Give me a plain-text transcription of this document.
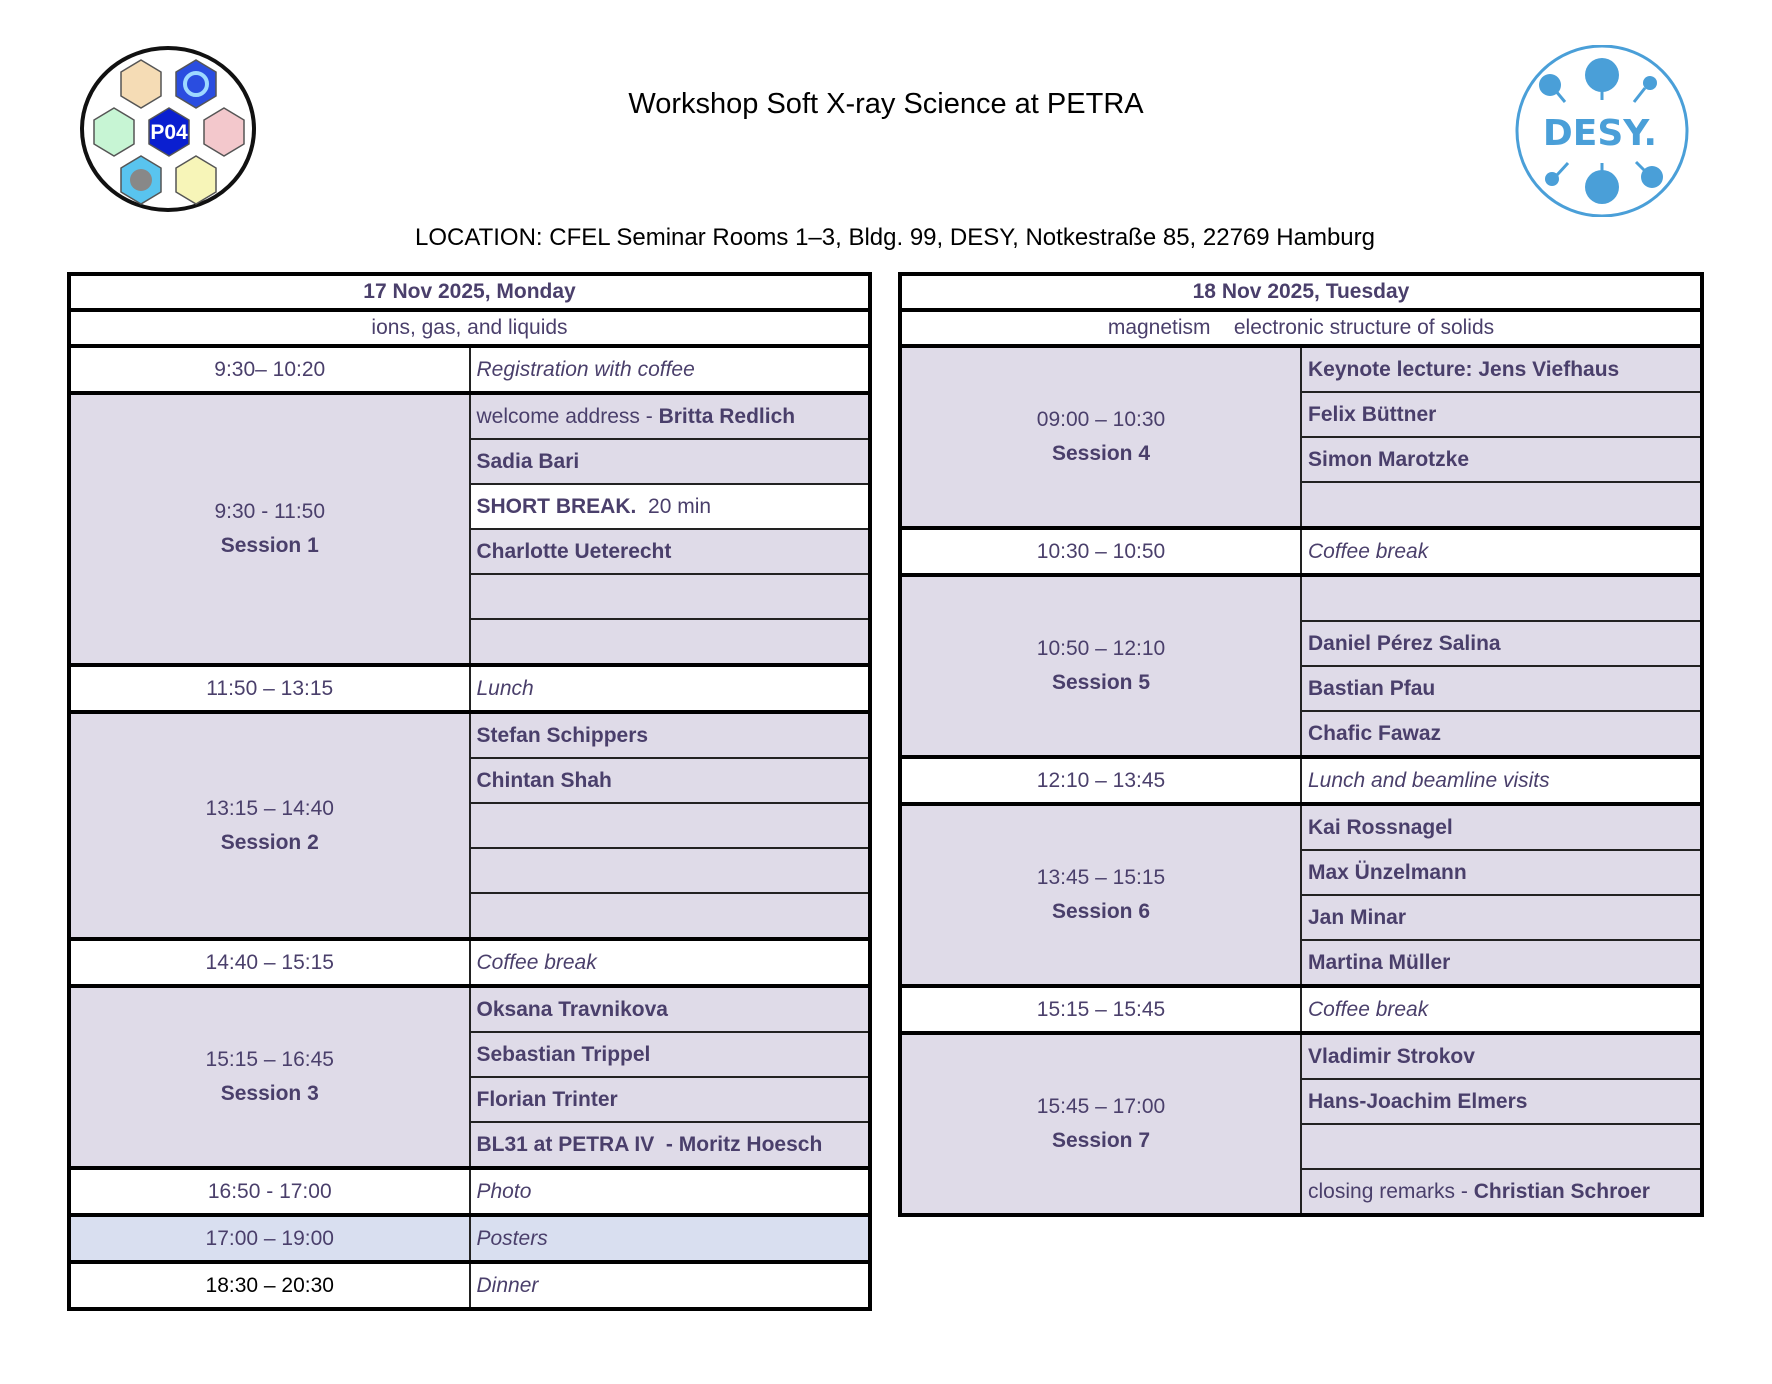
P04
Workshop Soft X-ray Science at PETRA
DESY.
LOCATION: CFEL Seminar Rooms 1–3, Bldg. 99, DESY, Notkestraße 85, 22769 Hamburg
17 Nov 2025, Monday	
ions, gas, and liquids	
9:30– 10:20	Registration with coffee
9:30 - 11:50
Session 1	welcome address - Britta Redlich
	Sadia Bari
	SHORT BREAK.  20 min
	Charlotte Ueterecht

11:50 – 13:15	Lunch
13:15 – 14:40
Session 2	Stefan Schippers
	Chintan Shah

14:40 – 15:15	Coffee break
15:15 – 16:45
Session 3	Oksana Travnikova
	Sebastian Trippel
	Florian Trinter
	BL31 at PETRA IV  - Moritz Hoesch
16:50 - 17:00	Photo
17:00 – 19:00	Posters
18:30 – 20:30	Dinner
18 Nov 2025, Tuesday	
magnetism    electronic structure of solids	
09:00 – 10:30
Session 4	Keynote lecture: Jens Viefhaus
	Felix Büttner
	Simon Marotzke

10:30 – 10:50	Coffee break
10:50 – 12:10
Session 5	

	Daniel Pérez Salina
	Bastian Pfau
	Chafic Fawaz
12:10 – 13:45	Lunch and beamline visits
13:45 – 15:15
Session 6	Kai Rossnagel
	Max Ünzelmann
	Jan Minar
	Martina Müller
15:15 – 15:45	Coffee break
15:45 – 17:00
Session 7	Vladimir Strokov
	Hans-Joachim Elmers

	closing remarks - Christian Schroer
